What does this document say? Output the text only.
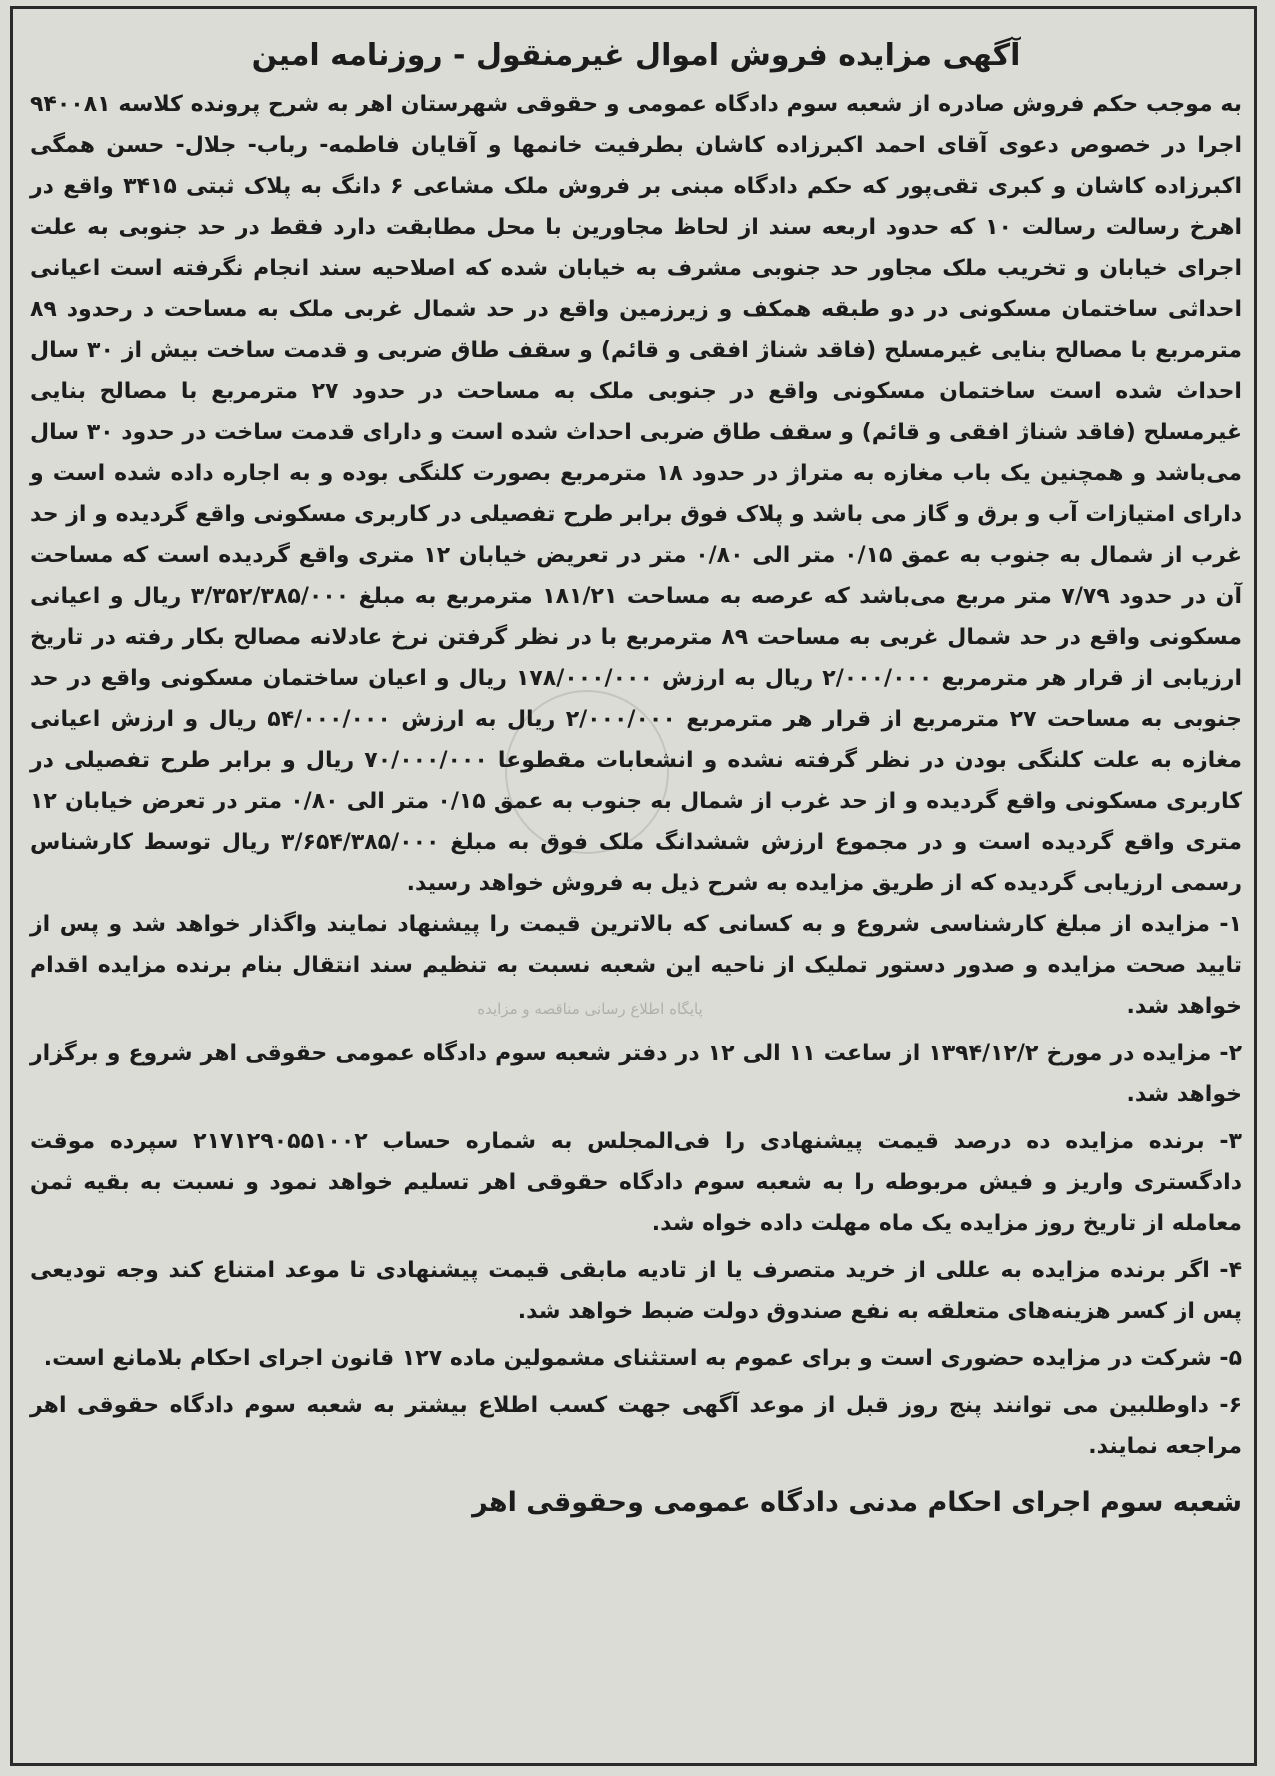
پایگاه اطلاع رسانی مناقصه و مزایده
آگهی مزایده فروش اموال غیرمنقول - روزنامه امین

به موجب حکم فروش صادره از شعبه سوم دادگاه عمومی و حقوقی شهرستان اهر به شرح پرونده کلاسه ۹۴۰۰۸۱ اجرا در خصوص دعوی آقای احمد اکبرزاده کاشان بطرفیت خانمها و آقایان فاطمه- رباب- جلال- حسن همگی اکبرزاده کاشان و کبری تقی‌پور که حکم دادگاه مبنی بر فروش ملک مشاعی ۶ دانگ به پلاک ثبتی ۳۴۱۵ واقع در اهرخ رسالت رسالت ۱۰ که حدود اربعه سند از لحاظ مجاورین با محل مطابقت دارد فقط در حد جنوبی به علت اجرای خیابان و تخریب ملک مجاور حد جنوبی مشرف به خیابان شده که اصلاحیه سند انجام نگرفته است اعیانی احداثی ساختمان مسکونی در دو طبقه همکف و زیرزمین واقع در حد شمال غربی ملک به مساحت د رحدود ۸۹ مترمربع با مصالح بنایی غیرمسلح (فاقد شناژ افقی و قائم) و سقف طاق ضربی و قدمت ساخت بیش از ۳۰ سال احداث شده است ساختمان مسکونی واقع در جنوبی ملک به مساحت در حدود ۲۷ مترمربع با مصالح بنایی غیرمسلح (فاقد شناژ افقی و قائم) و سقف طاق ضربی احداث شده است و دارای قدمت ساخت در حدود ۳۰ سال می‌باشد و همچنین یک باب مغازه به متراژ در حدود ۱۸ مترمربع بصورت کلنگی بوده و به اجاره داده شده است و دارای امتیازات آب و برق و گاز می باشد و پلاک فوق برابر طرح تفصیلی در کاربری مسکونی واقع گردیده و از حد غرب از شمال به جنوب به عمق ۰/۱۵ متر الی ۰/۸۰ متر در تعریض خیابان ۱۲ متری واقع گردیده است که مساحت آن در حدود ۷/۷۹ متر مربع می‌باشد که عرصه به مساحت ۱۸۱/۲۱ مترمربع به مبلغ ۳/۳۵۲/۳۸۵/۰۰۰ ریال و اعیانی مسکونی واقع در حد شمال غربی به مساحت ۸۹ مترمربع با در نظر گرفتن نرخ عادلانه مصالح بکار رفته در تاریخ ارزیابی از قرار هر مترمربع ۲/۰۰۰/۰۰۰ ریال به ارزش ۱۷۸/۰۰۰/۰۰۰ ریال و اعیان ساختمان مسکونی واقع در حد جنوبی به مساحت ۲۷ مترمربع از قرار هر مترمربع ۲/۰۰۰/۰۰۰ ریال به ارزش ۵۴/۰۰۰/۰۰۰ ریال و ارزش اعیانی مغازه به علت کلنگی بودن در نظر گرفته نشده و انشعابات مقطوعا ۷۰/۰۰۰/۰۰۰ ریال و برابر طرح تفصیلی در کاربری مسکونی واقع گردیده و از حد غرب از شمال به جنوب به عمق ۰/۱۵ متر الی ۰/۸۰ متر در تعرض خیابان ۱۲ متری واقع گردیده است و در مجموع ارزش ششدانگ ملک فوق به مبلغ ۳/۶۵۴/۳۸۵/۰۰۰ ریال توسط کارشناس رسمی ارزیابی گردیده که از طریق مزایده به شرح ذیل به فروش خواهد رسید.

۱- مزایده از مبلغ کارشناسی شروع و به کسانی که بالاترین قیمت را پیشنهاد نمایند واگذار خواهد شد و پس از تایید صحت مزایده و صدور دستور تملیک از ناحیه این شعبه نسبت به تنظیم سند انتقال بنام برنده مزایده اقدام خواهد شد.

۲- مزایده در مورخ ۱۳۹۴/۱۲/۲ از ساعت ۱۱ الی ۱۲ در دفتر شعبه سوم دادگاه عمومی حقوقی اهر شروع و برگزار خواهد شد.

۳- برنده مزایده ده درصد قیمت پیشنهادی را فی‌المجلس به شماره حساب ۲۱۷۱۲۹۰۵۵۱۰۰۲ سپرده موقت دادگستری واریز و فیش مربوطه را به شعبه سوم دادگاه حقوقی اهر تسلیم خواهد نمود و نسبت به بقیه ثمن معامله از تاریخ روز مزایده یک ماه مهلت داده خواه شد.

۴- اگر برنده مزایده به عللی از خرید متصرف یا از تادیه مابقی قیمت پیشنهادی تا موعد امتناع کند وجه تودیعی پس از کسر هزینه‌های متعلقه به نفع صندوق دولت ضبط خواهد شد.

۵- شرکت در مزایده حضوری است و برای عموم به استثنای مشمولین ماده ۱۲۷ قانون اجرای احکام بلامانع است.

۶- داوطلبین می توانند پنج روز قبل از موعد آگهی جهت کسب اطلاع بیشتر به شعبه سوم دادگاه حقوقی اهر مراجعه نمایند.

شعبه سوم اجرای احکام مدنی دادگاه عمومی وحقوقی اهر
